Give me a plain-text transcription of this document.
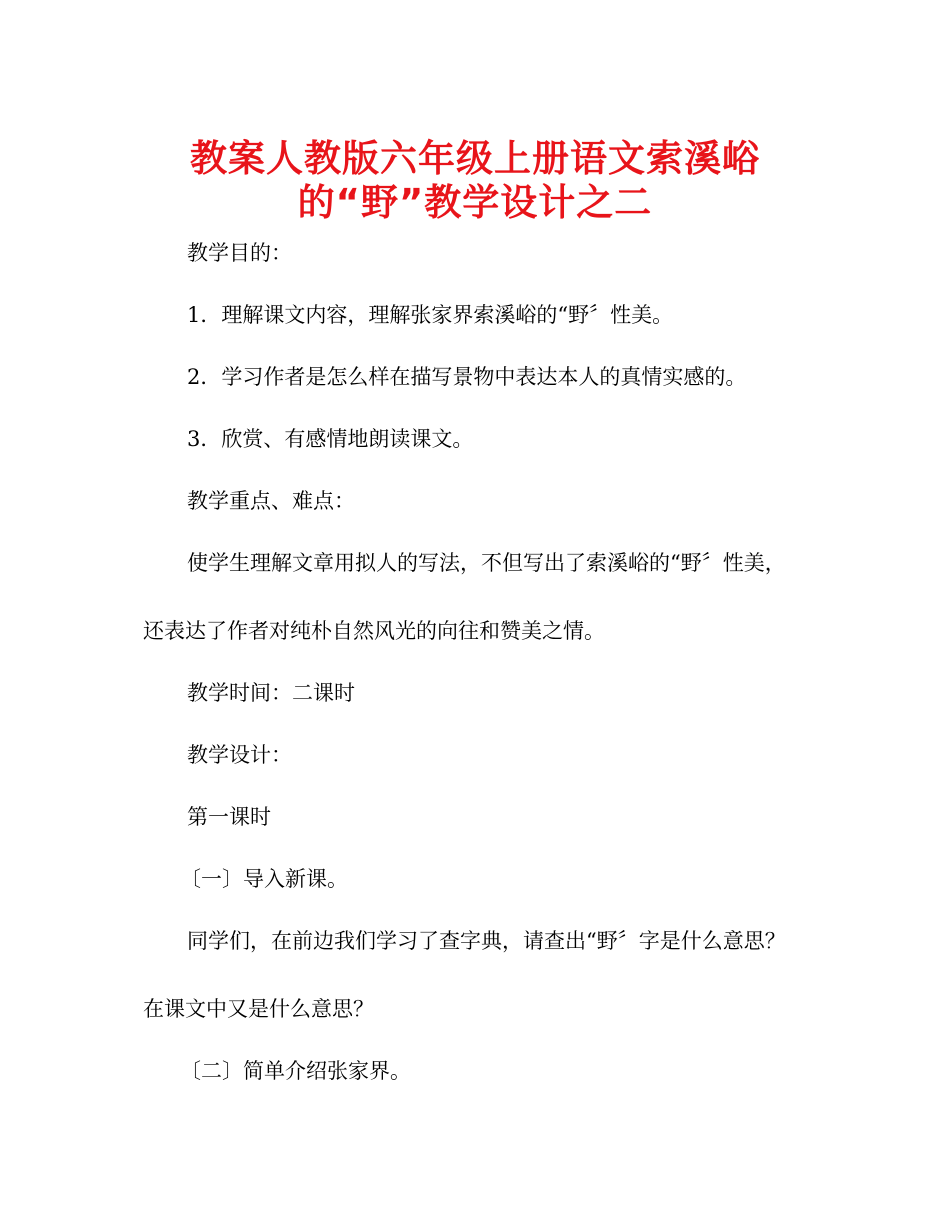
教案人教版六年级上册语文索溪峪
的“野”教学设计之二

教学目的：

1．理解课文内容，理解张家界索溪峪的“野〞性美。

2．学习作者是怎么样在描写景物中表达本人的真情实感的。

3．欣赏、有感情地朗读课文。

教学重点、难点：

使学生理解文章用拟人的写法，不但写出了索溪峪的“野〞性美，

还表达了作者对纯朴自然风光的向往和赞美之情。

教学时间：二课时

教学设计：

第一课时

〔一〕导入新课。

同学们，在前边我们学习了查字典，请查出“野〞字是什么意思？

在课文中又是什么意思？

〔二〕简单介绍张家界。
